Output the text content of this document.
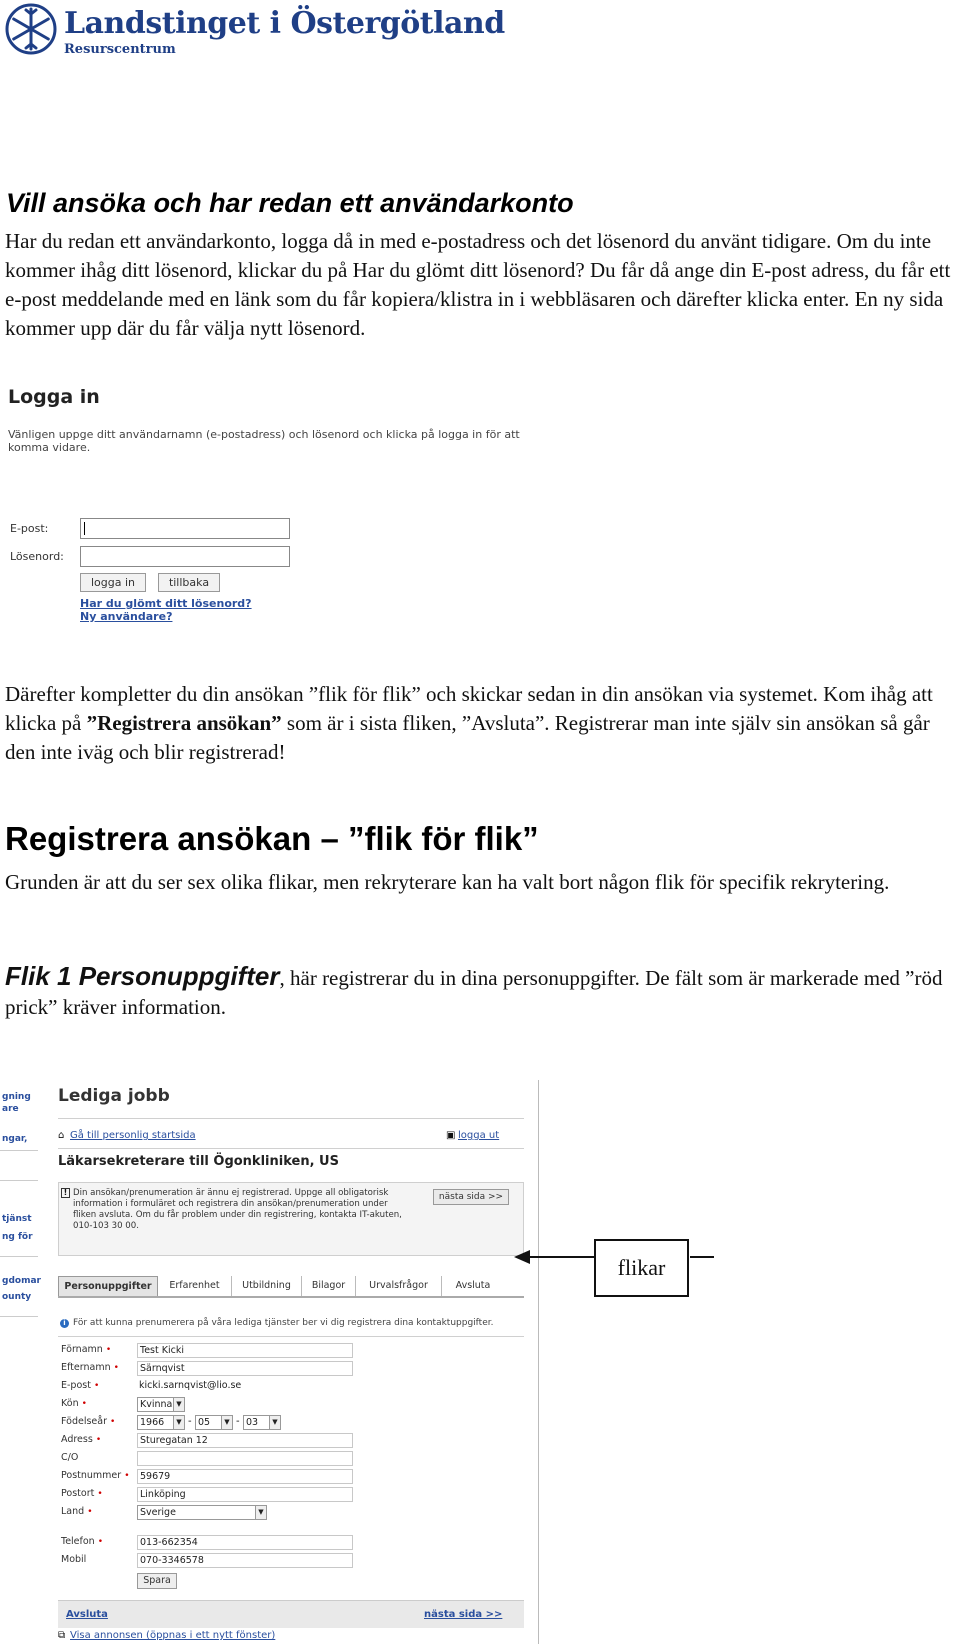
Landstinget i Östergötland
Resurscentrum
Vill ansöka och har redan ett användarkonto
Har du redan ett användarkonto, logga då in med e-postadress och det lösenord du använt tidigare. Om du inte kommer ihåg ditt lösenord, klickar du på Har du glömt ditt lösenord? Du får då ange din E-post adress, du får ett e-post meddelande med en länk som du får kopiera/klistra in i webbläsaren och därefter klicka enter. En ny sida kommer upp där du får välja nytt lösenord.
Logga in
Vänligen uppge ditt användarnamn (e-postadress) och lösenord och klicka på logga in för att komma vidare.
E-post:
Lösenord:
logga in	tillbaka
Har du glömt ditt lösenord?
Ny användare?
Därefter kompletter du din ansökan ”flik för flik” och skickar sedan in din ansökan via systemet. Kom ihåg att klicka på ”Registrera ansökan” som är i sista fliken, ”Avsluta”. Registrerar man inte själv sin ansökan så går den inte iväg och blir registrerad!
Registrera ansökan – ”flik för flik”
Grunden är att du ser sex olika flikar, men rekryterare kan ha valt bort någon flik för specifik rekrytering.
Flik 1 Personuppgifter, här registrerar du in dina personuppgifter. De fält som är markerade med ”röd prick” kräver information.
gning
are
ngar,
tjänst
ng för
gdomar
ounty
Lediga jobb
⌂ Gå till personlig startsida	▣ logga ut
Läkarsekreterare till Ögonkliniken, US
! Din ansökan/prenumeration är ännu ej registrerad. Uppge all obligatorisk information i formuläret och registrera din ansökan/prenumeration under fliken avsluta. Om du får problem under din registrering, kontakta IT-akuten, 010-103 30 00.
nästa sida >>
Personuppgifter	Erfarenhet	Utbildning	Bilagor	Urvalsfrågor	Avsluta
i För att kunna prenumerera på våra lediga tjänster ber vi dig registrera dina kontaktuppgifter.
Förnamn •	Test Kicki
Efternamn •	Särnqvist
E-post •	kicki.sarnqvist@lio.se
Kön •	Kvinna ▼
Födelseår •	1966	▼ - 05	▼ - 03	▼
Adress •	Sturegatan 12
C/O
Postnummer •	59679
Postort •	Linköping
Land •	Sverige	▼
Telefon •	013-662354
Mobil	070-3346578
Spara
Avsluta	nästa sida >>
⧉ Visa annonsen (öppnas i ett nytt fönster)
flikar
